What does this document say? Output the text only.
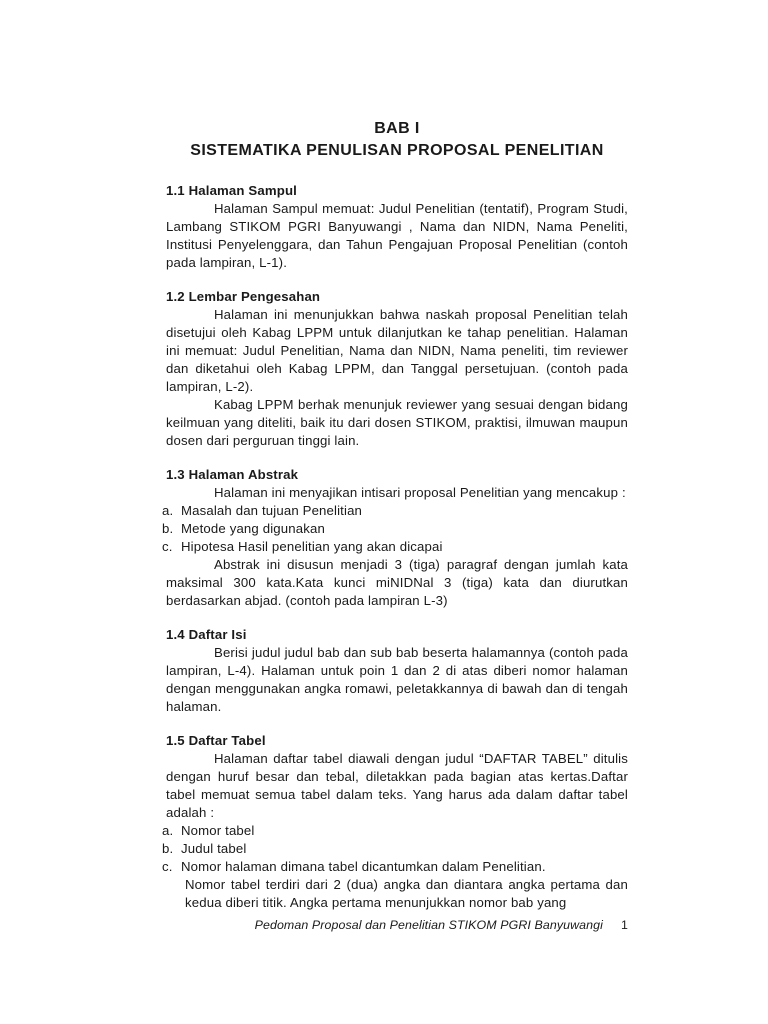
BAB I

SISTEMATIKA PENULISAN PROPOSAL PENELITIAN

1.1 Halaman Sampul

Halaman Sampul memuat: Judul Penelitian (tentatif), Program Studi, Lambang STIKOM PGRI Banyuwangi , Nama dan NIDN, Nama Peneliti, Institusi Penyelenggara, dan Tahun Pengajuan Proposal Penelitian (contoh pada lampiran, L-1).

1.2 Lembar Pengesahan

Halaman ini menunjukkan bahwa naskah proposal Penelitian telah disetujui oleh Kabag LPPM untuk dilanjutkan ke tahap penelitian. Halaman ini memuat: Judul Penelitian, Nama dan NIDN, Nama peneliti, tim reviewer dan diketahui oleh Kabag LPPM, dan Tanggal persetujuan. (contoh pada lampiran, L-2).

Kabag LPPM berhak menunjuk reviewer yang sesuai dengan bidang keilmuan yang diteliti, baik itu dari dosen STIKOM, praktisi, ilmuwan maupun dosen dari perguruan tinggi lain.

1.3 Halaman Abstrak

Halaman ini menyajikan intisari proposal Penelitian yang mencakup :

a. Masalah dan tujuan Penelitian
b. Metode yang digunakan
c. Hipotesa Hasil penelitian yang akan dicapai

Abstrak ini disusun menjadi 3 (tiga) paragraf dengan jumlah kata maksimal 300 kata.Kata kunci miNIDNal 3 (tiga) kata dan diurutkan berdasarkan abjad. (contoh pada lampiran L-3)

1.4 Daftar Isi

Berisi judul judul bab dan sub bab beserta halamannya (contoh pada lampiran, L-4). Halaman untuk poin 1 dan 2 di atas diberi nomor halaman dengan menggunakan angka romawi, peletakkannya di bawah dan di tengah halaman.

1.5 Daftar Tabel

Halaman daftar tabel diawali dengan judul “DAFTAR TABEL” ditulis dengan huruf besar dan tebal, diletakkan pada bagian atas kertas.Daftar tabel memuat semua tabel dalam teks. Yang harus ada dalam daftar tabel adalah :

a. Nomor tabel
b. Judul tabel
c. Nomor halaman dimana tabel dicantumkan dalam Penelitian.

Nomor tabel terdiri dari 2 (dua) angka dan diantara angka pertama dan kedua diberi titik. Angka pertama menunjukkan nomor bab yang

Pedoman Proposal dan Penelitian STIKOM PGRI Banyuwangi 1
